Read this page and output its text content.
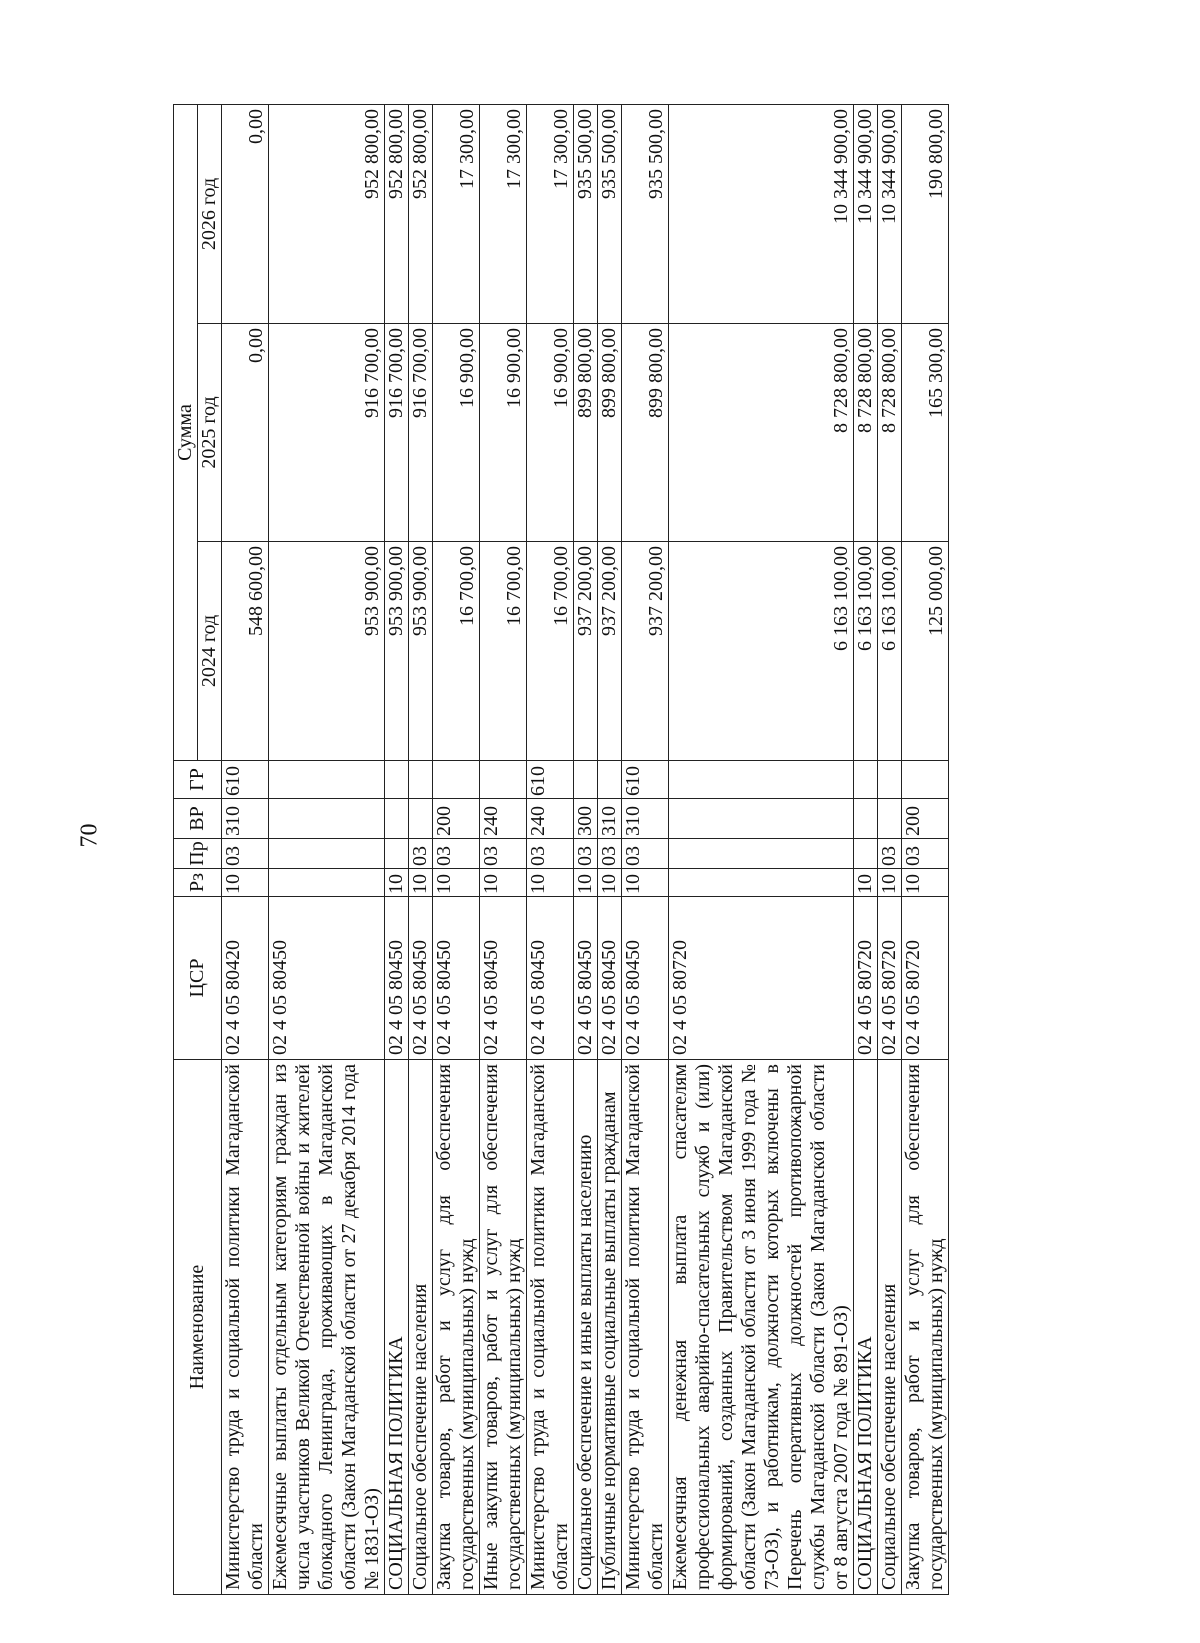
70
Наименование	ЦСР	Рз	Пр	ВР	ГР	Сумма		
						2024 год	2025 год	2026 год
Министерство труда и социальной политики Магаданской области	02 4 05 80420	10	03	310	610	548 600,00	0,00	0,00
Ежемесячные выплаты отдельным категориям граждан из числа участников Великой Отечественной войны и жителей блокадного Ленинграда, проживающих в Магаданской области (Закон Магаданской области от 27 декабря 2014 года № 1831-ОЗ)	02 4 05 80450					953 900,00	916 700,00	952 800,00
СОЦИАЛЬНАЯ ПОЛИТИКА	02 4 05 80450	10				953 900,00	916 700,00	952 800,00
Социальное обеспечение населения	02 4 05 80450	10	03			953 900,00	916 700,00	952 800,00
Закупка товаров, работ и услуг для обеспечения государственных (муниципальных) нужд	02 4 05 80450	10	03	200		16 700,00	16 900,00	17 300,00
Иные закупки товаров, работ и услуг для обеспечения государственных (муниципальных) нужд	02 4 05 80450	10	03	240		16 700,00	16 900,00	17 300,00
Министерство труда и социальной политики Магаданской области	02 4 05 80450	10	03	240	610	16 700,00	16 900,00	17 300,00
Социальное обеспечение и иные выплаты населению	02 4 05 80450	10	03	300		937 200,00	899 800,00	935 500,00
Публичные нормативные социальные выплаты гражданам	02 4 05 80450	10	03	310		937 200,00	899 800,00	935 500,00
Министерство труда и социальной политики Магаданской области	02 4 05 80450	10	03	310	610	937 200,00	899 800,00	935 500,00
Ежемесячная денежная выплата спасателям профессиональных аварийно-спасательных служб и (или) формирований, созданных Правительством Магаданской области (Закон Магаданской области от 3 июня 1999 года № 73-ОЗ), и работникам, должности которых включены в Перечень оперативных должностей противопожарной службы Магаданской области (Закон Магаданской области от 8 августа 2007 года № 891-ОЗ)	02 4 05 80720					6 163 100,00	8 728 800,00	10 344 900,00
СОЦИАЛЬНАЯ ПОЛИТИКА	02 4 05 80720	10				6 163 100,00	8 728 800,00	10 344 900,00
Социальное обеспечение населения	02 4 05 80720	10	03			6 163 100,00	8 728 800,00	10 344 900,00
Закупка товаров, работ и услуг для обеспечения государственных (муниципальных) нужд	02 4 05 80720	10	03	200		125 000,00	165 300,00	190 800,00
